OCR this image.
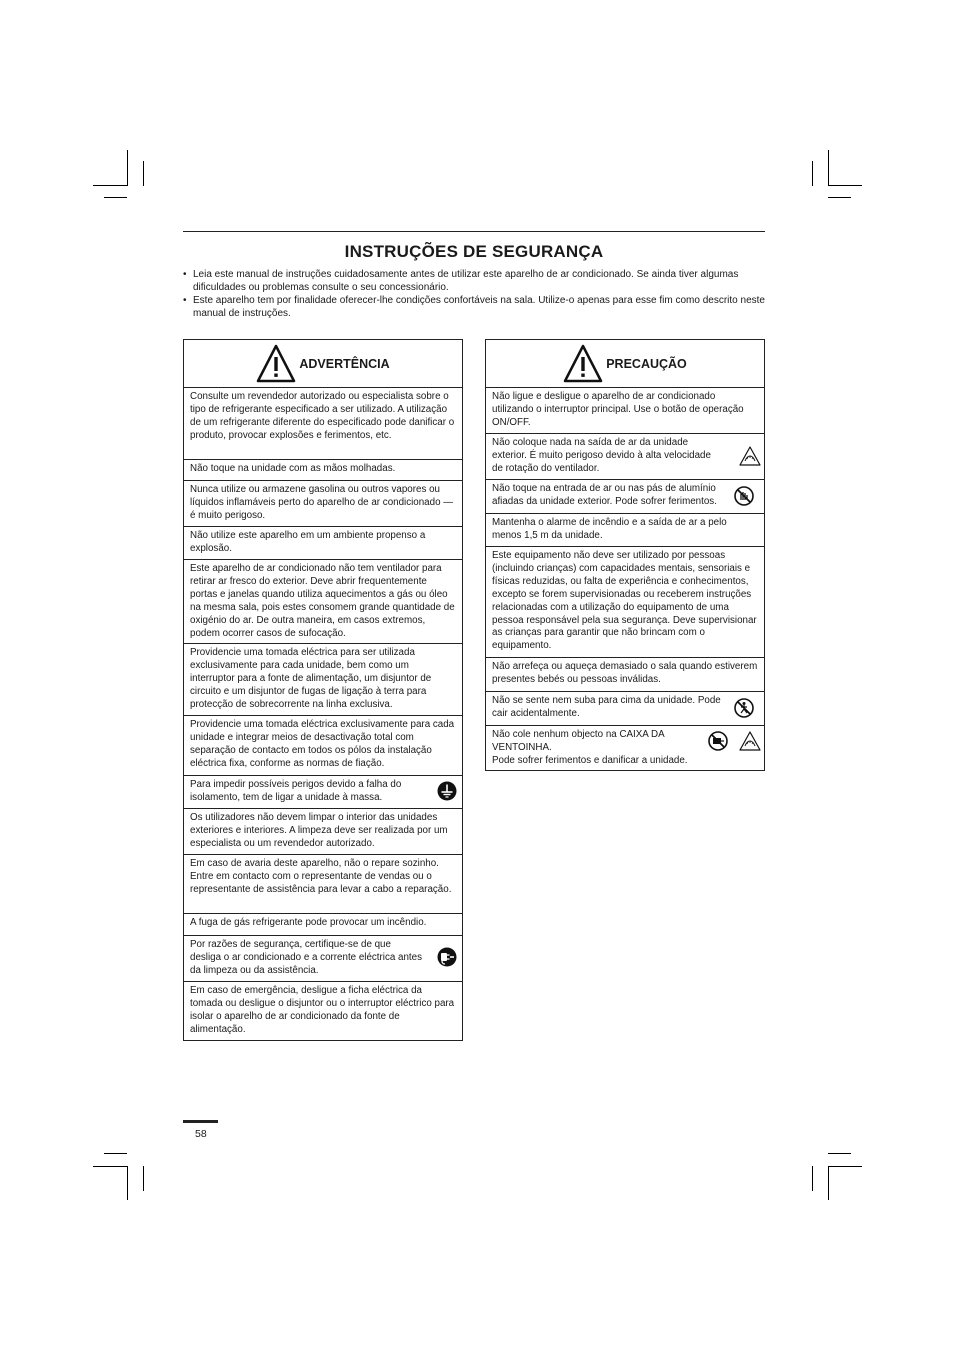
INSTRUÇÕES DE SEGURANÇA
• Leia este manual de instruções cuidadosamente antes de utilizar este aparelho de ar condicionado. Se ainda tiver algumas dificuldades ou problemas consulte o seu concessionário.
• Este aparelho tem por finalidade oferecer-lhe condições confortáveis na sala. Utilize-o apenas para esse fim como descrito neste manual de instruções.
ADVERTÊNCIA
Consulte um revendedor autorizado ou especialista sobre o tipo de refrigerante especificado a ser utilizado. A utilização de um refrigerante diferente do especificado pode danificar o produto, provocar explosões e ferimentos, etc.
Não toque na unidade com as mãos molhadas.
Nunca utilize ou armazene gasolina ou outros vapores ou líquidos inflamáveis perto do aparelho de ar condicionado — é muito perigoso.
Não utilize este aparelho em um ambiente propenso a explosão.
Este aparelho de ar condicionado não tem ventilador para retirar ar fresco do exterior. Deve abrir frequentemente portas e janelas quando utiliza aquecimentos a gás ou óleo na mesma sala, pois estes consomem grande quantidade de oxigénio do ar. De outra maneira, em casos extremos, podem ocorrer casos de sufocação.
Providencie uma tomada eléctrica para ser utilizada exclusivamente para cada unidade, bem como um interruptor para a fonte de alimentação, um disjuntor de circuito e um disjuntor de fugas de ligação à terra para protecção de sobrecorrente na linha exclusiva.
Providencie uma tomada eléctrica exclusivamente para cada unidade e integrar meios de desactivação total com separação de contacto em todos os pólos da instalação eléctrica fixa, conforme as normas de fiação.
Para impedir possíveis perigos devido a falha do isolamento, tem de ligar a unidade à massa.
Os utilizadores não devem limpar o interior das unidades exteriores e interiores. A limpeza deve ser realizada por um especialista ou um revendedor autorizado.
Em caso de avaria deste aparelho, não o repare sozinho. Entre em contacto com o representante de vendas ou o representante de assistência para levar a cabo a reparação.
A fuga de gás refrigerante pode provocar um incêndio.
Por razões de segurança, certifique-se de que desliga o ar condicionado e a corrente eléctrica antes da limpeza ou da assistência.
Em caso de emergência, desligue a ficha eléctrica da tomada ou desligue o disjuntor ou o interruptor eléctrico para isolar o aparelho de ar condicionado da fonte de alimentação.
PRECAUÇÃO
Não ligue e desligue o aparelho de ar condicionado utilizando o interruptor principal. Use o botão de operação ON/OFF.
Não coloque nada na saída de ar da unidade exterior. É muito perigoso devido à alta velocidade de rotação do ventilador.
Não toque na entrada de ar ou nas pás de alumínio afiadas da unidade exterior. Pode sofrer ferimentos.
Mantenha o alarme de incêndio e a saída de ar a pelo menos 1,5 m da unidade.
Este equipamento não deve ser utilizado por pessoas (incluindo crianças) com capacidades mentais, sensoriais e físicas reduzidas, ou falta de experiência e conhecimentos, excepto se forem supervisionadas ou receberem instruções relacionadas com a utilização do equipamento de uma pessoa responsável pela sua segurança. Deve supervisionar as crianças para garantir que não brincam com o equipamento.
Não arrefeça ou aqueça demasiado o sala quando estiverem presentes bebés ou pessoas inválidas.
Não se sente nem suba para cima da unidade. Pode cair acidentalmente.
Não cole nenhum objecto na CAIXA DA VENTOINHA.
Pode sofrer ferimentos e danificar a unidade.
58
